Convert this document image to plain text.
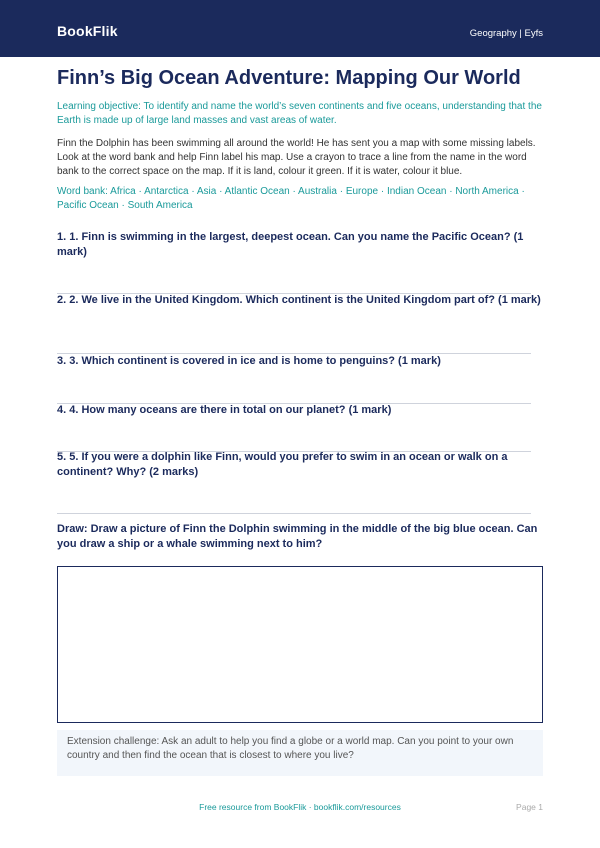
BookFlik	Geography | Eyfs
Finn’s Big Ocean Adventure: Mapping Our World

Learning objective: To identify and name the world’s seven continents and five oceans, understanding that the Earth is made up of large land masses and vast areas of water.

Finn the Dolphin has been swimming all around the world! He has sent you a map with some missing labels. Look at the word bank and help Finn label his map. Use a crayon to trace a line from the name in the word bank to the correct space on the map. If it is land, colour it green. If it is water, colour it blue.

Word bank: Africa · Antarctica · Asia · Atlantic Ocean · Australia · Europe · Indian Ocean · North America · Pacific Ocean · South America

1. 1. Finn is swimming in the largest, deepest ocean. Can you name the Pacific Ocean? (1 mark)
2. 2. We live in the United Kingdom. Which continent is the United Kingdom part of? (1 mark)
3. 3. Which continent is covered in ice and is home to penguins? (1 mark)
4. 4. How many oceans are there in total on our planet? (1 mark)
5. 5. If you were a dolphin like Finn, would you prefer to swim in an ocean or walk on a continent? Why? (2 marks)
Draw: Draw a picture of Finn the Dolphin swimming in the middle of the big blue ocean. Can you draw a ship or a whale swimming next to him?
Extension challenge: Ask an adult to help you find a globe or a world map. Can you point to your own country and then find the ocean that is closest to where you live?
Free resource from BookFlik · bookflik.com/resources	Page 1
